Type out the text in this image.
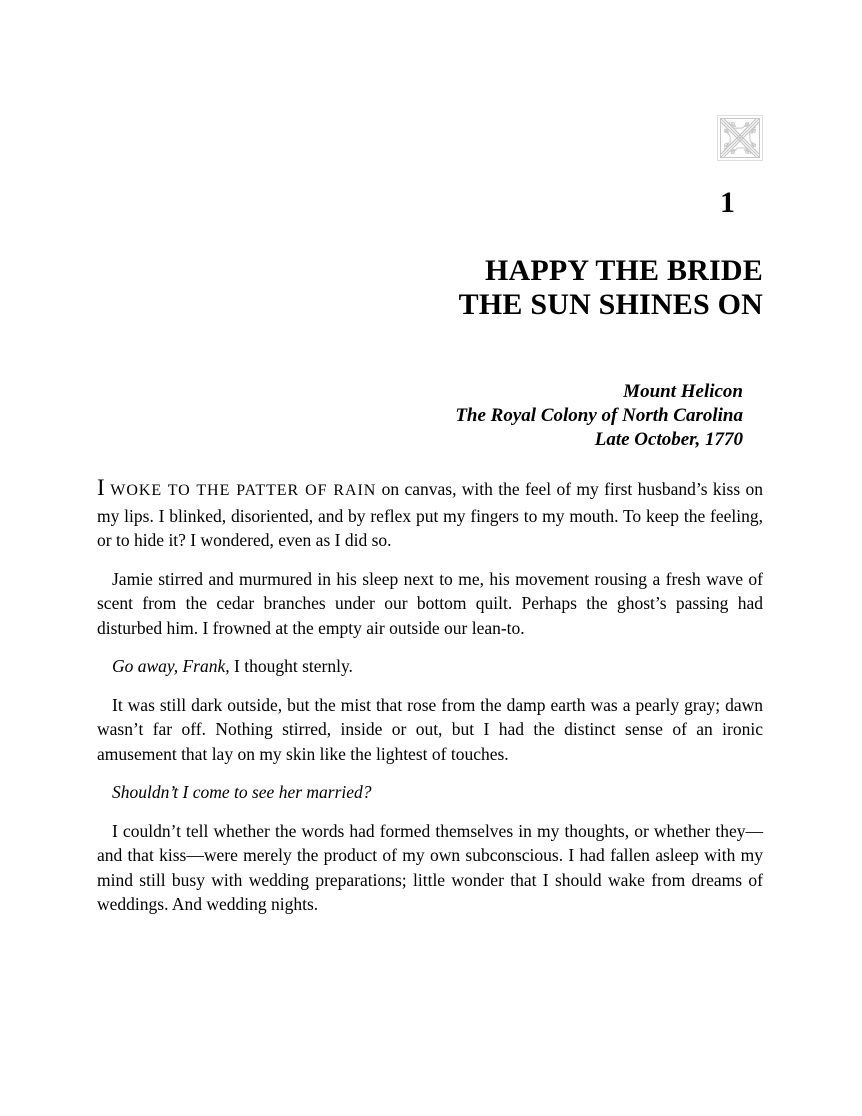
1
HAPPY THE BRIDE
THE SUN SHINES ON
Mount Helicon
The Royal Colony of North Carolina
Late October, 1770

I WOKE TO THE PATTER OF RAIN on canvas, with the feel of my first husband’s kiss on my lips. I blinked, disoriented, and by reflex put my fingers to my mouth. To keep the feeling, or to hide it? I wondered, even as I did so.

Jamie stirred and murmured in his sleep next to me, his movement rousing a fresh wave of scent from the cedar branches under our bottom quilt. Perhaps the ghost’s passing had disturbed him. I frowned at the empty air outside our lean-to.

Go away, Frank, I thought sternly.

It was still dark outside, but the mist that rose from the damp earth was a pearly gray; dawn wasn’t far off. Nothing stirred, inside or out, but I had the distinct sense of an ironic amusement that lay on my skin like the lightest of touches.

Shouldn’t I come to see her married?

I couldn’t tell whether the words had formed themselves in my thoughts, or whether they—and that kiss—were merely the product of my own subconscious. I had fallen asleep with my mind still busy with wedding preparations; little wonder that I should wake from dreams of weddings. And wedding nights.
